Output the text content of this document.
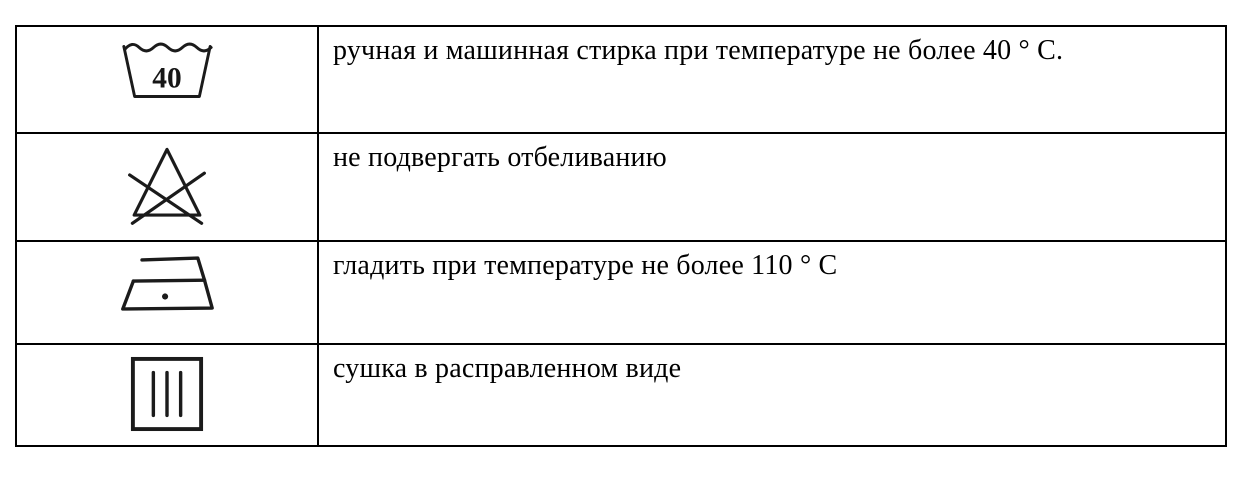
40	ручная и машинная стирка при температуре не более 40 ° C.
	не подвергать отбеливанию
	гладить при температуре не более 110 ° C
	сушка в расправленном виде
